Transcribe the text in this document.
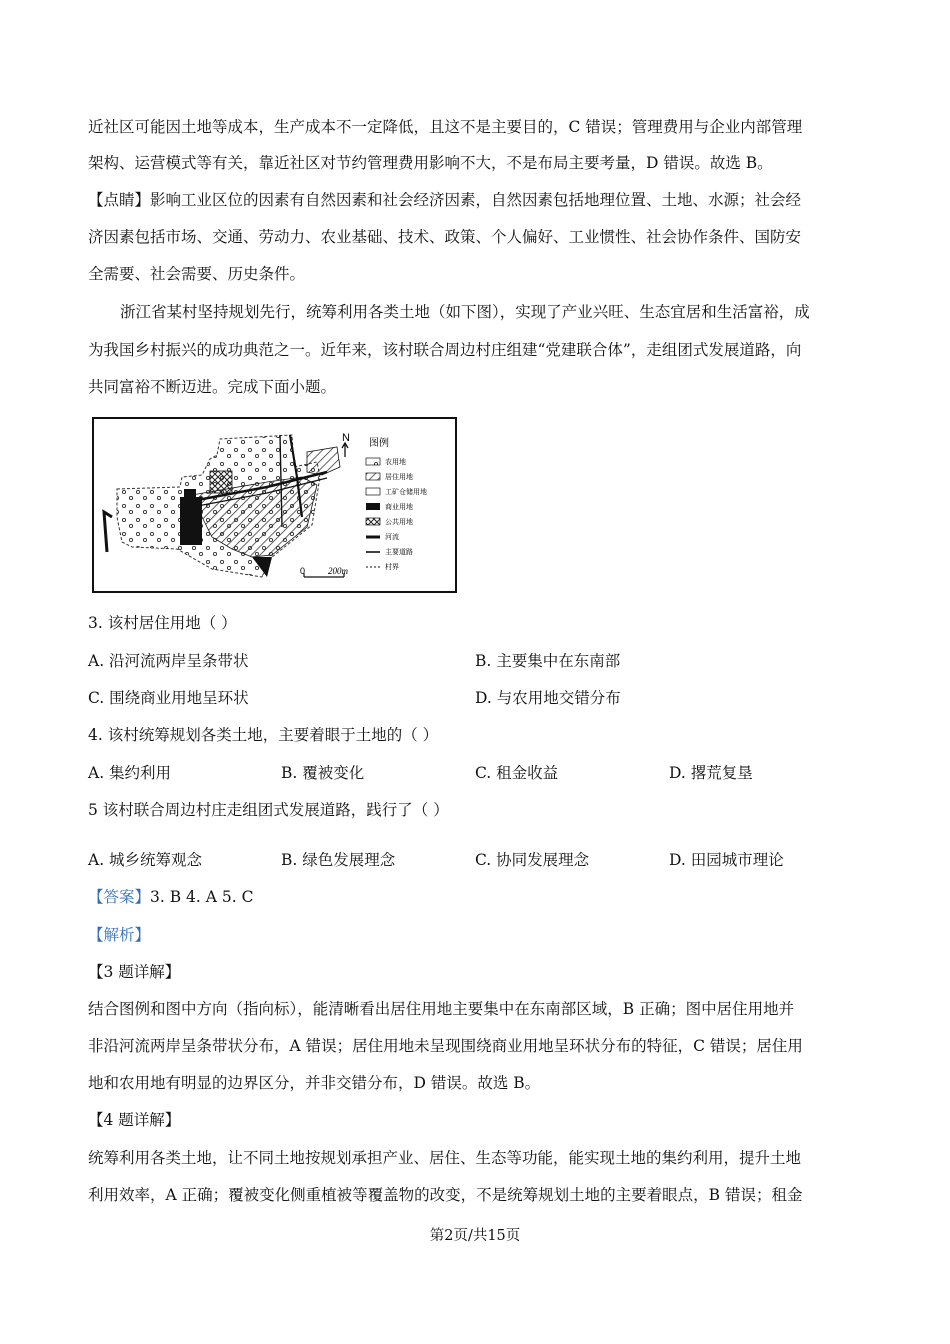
近社区可能因土地等成本，生产成本不一定降低，且这不是主要目的，C 错误；管理费用与企业内部管理
架构、运营模式等有关，靠近社区对节约管理费用影响不大，不是布局主要考量，D 错误。故选 B。
【点睛】影响工业区位的因素有自然因素和社会经济因素，自然因素包括地理位置、土地、水源；社会经
济因素包括市场、交通、劳动力、农业基础、技术、政策、个人偏好、工业惯性、社会协作条件、国防安
全需要、社会需要、历史条件。
浙江省某村坚持规划先行，统筹利用各类土地（如下图），实现了产业兴旺、生态宜居和生活富裕，成
为我国乡村振兴的成功典范之一。近年来，该村联合周边村庄组建“党建联合体”，走组团式发展道路，向
共同富裕不断迈进。完成下面小题。
N
0	200m
图例
农用地
居住用地
工矿仓储用地
商业用地
公共用地
河流
主要道路
村界
3. 该村居住用地（ ）
A. 沿河流两岸呈条带状	B. 主要集中在东南部
C. 围绕商业用地呈环状	D. 与农用地交错分布
4. 该村统筹规划各类土地，主要着眼于土地的（ ）
A. 集约利用	B. 覆被变化	C. 租金收益	D. 撂荒复垦
5 该村联合周边村庄走组团式发展道路，践行了（ ）
A. 城乡统筹观念	B. 绿色发展理念	C. 协同发展理念	D. 田园城市理论
【答案】3. B 4. A 5. C
【解析】
【3 题详解】
结合图例和图中方向（指向标），能清晰看出居住用地主要集中在东南部区域，B 正确；图中居住用地并
非沿河流两岸呈条带状分布，A 错误；居住用地未呈现围绕商业用地呈环状分布的特征，C 错误；居住用
地和农用地有明显的边界区分，并非交错分布，D 错误。故选 B。
【4 题详解】
统筹利用各类土地，让不同土地按规划承担产业、居住、生态等功能，能实现土地的集约利用，提升土地
利用效率，A 正确；覆被变化侧重植被等覆盖物的改变，不是统筹规划土地的主要着眼点，B 错误；租金
第2页/共15页
